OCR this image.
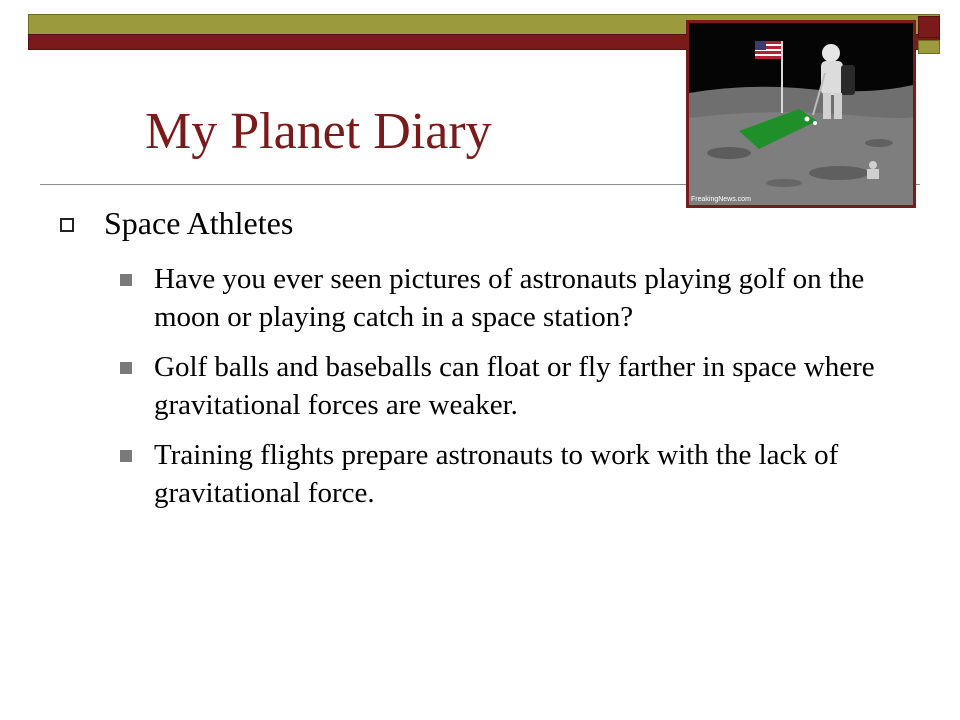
My Planet Diary
FreakingNews.com
Space Athletes
Have you ever seen pictures of astronauts playing golf on the moon or playing catch in a space station?
Golf balls and baseballs can float or fly farther in space where gravitational forces are weaker.
Training flights prepare astronauts to work with the lack of gravitational force.
